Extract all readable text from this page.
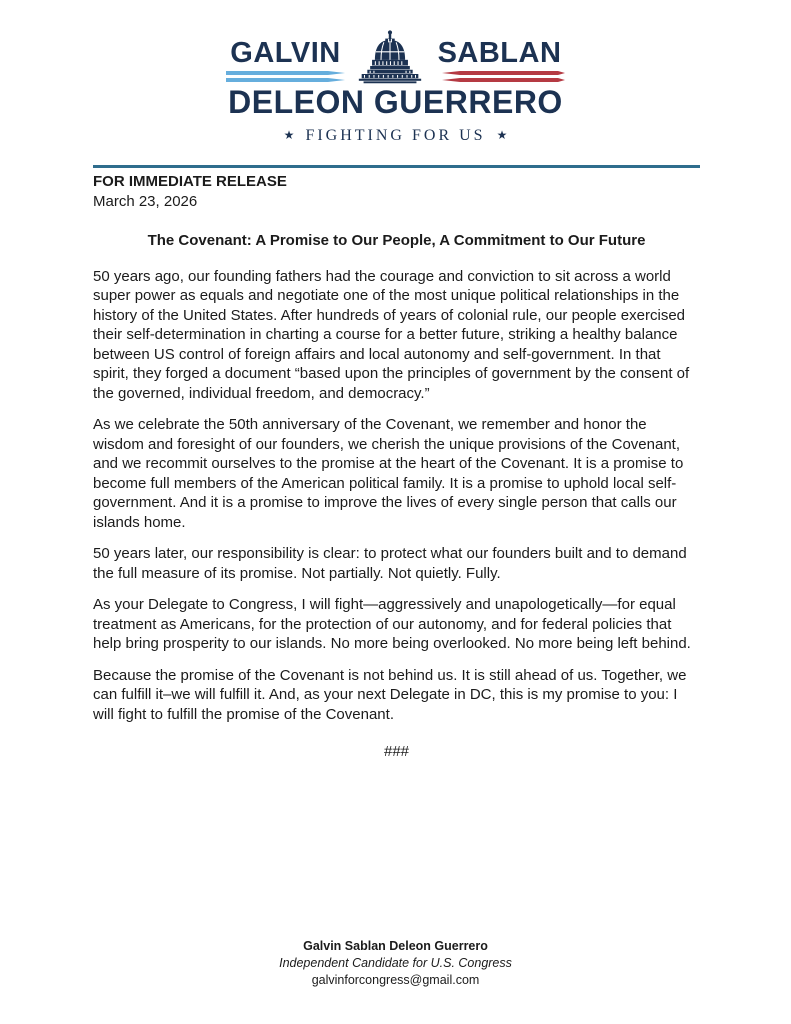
GALVIN	SABLAN
DELEON GUERRERO
★ FIGHTING FOR US ★
FOR IMMEDIATE RELEASE
March 23, 2026
The Covenant: A Promise to Our People, A Commitment to Our Future

50 years ago, our founding fathers had the courage and conviction to sit across a world super power as equals and negotiate one of the most unique political relationships in the history of the United States. After hundreds of years of colonial rule, our people exercised their self-determination in charting a course for a better future, striking a healthy balance between US control of foreign affairs and local autonomy and self-government. In that spirit, they forged a document “based upon the principles of government by the consent of the governed, individual freedom, and democracy.”

As we celebrate the 50th anniversary of the Covenant, we remember and honor the wisdom and foresight of our founders, we cherish the unique provisions of the Covenant, and we recommit ourselves to the promise at the heart of the Covenant. It is a promise to become full members of the American political family. It is a promise to uphold local self-government. And it is a promise to improve the lives of every single person that calls our islands home.

50 years later, our responsibility is clear: to protect what our founders built and to demand the full measure of its promise. Not partially. Not quietly. Fully.

As your Delegate to Congress, I will fight—aggressively and unapologetically—for equal treatment as Americans, for the protection of our autonomy, and for federal policies that help bring prosperity to our islands. No more being overlooked. No more being left behind.

Because the promise of the Covenant is not behind us. It is still ahead of us. Together, we can fulfill it–we will fulfill it. And, as your next Delegate in DC, this is my promise to you: I will fight to fulfill the promise of the Covenant.

###
Galvin Sablan Deleon Guerrero
Independent Candidate for U.S. Congress
galvinforcongress@gmail.com
